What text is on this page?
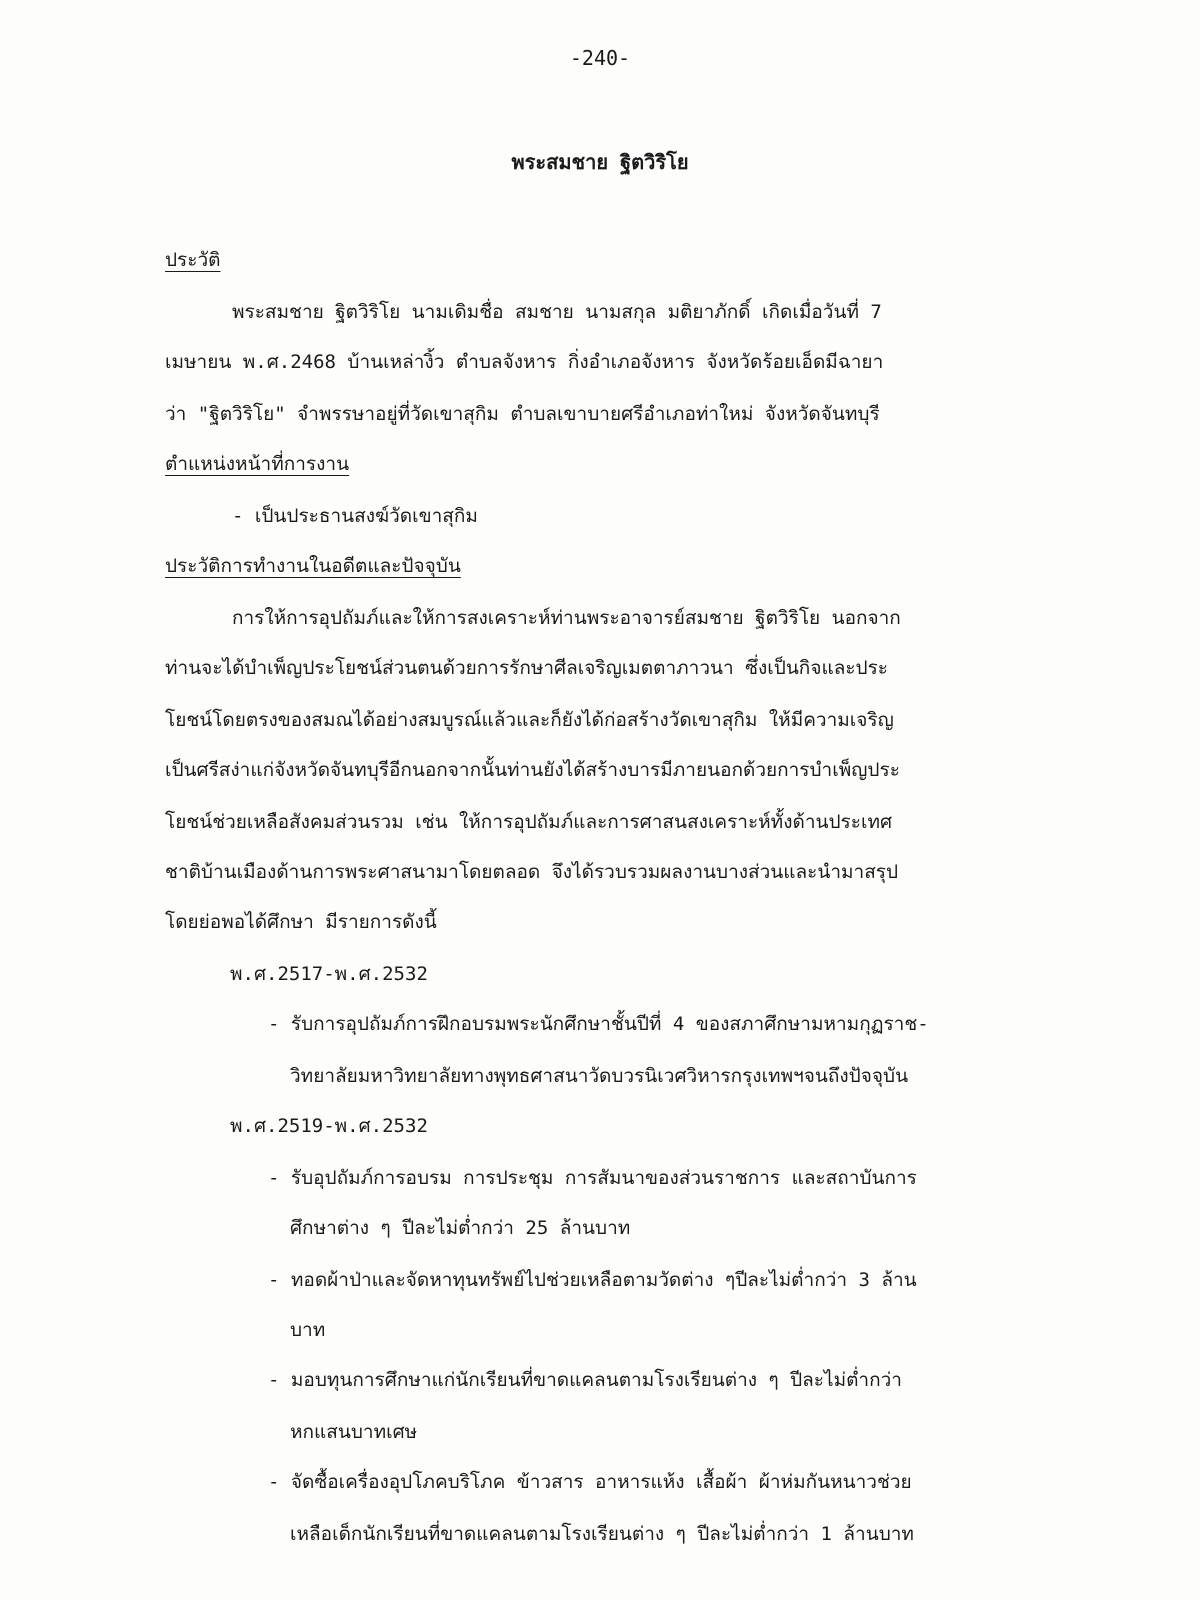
-240-
พระสมชาย ฐิตวิริโย
ประวัติ
พระสมชาย ฐิตวิริโย นามเดิมชื่อ สมชาย นามสกุล มติยาภักดิ์ เกิดเมื่อวันที่ 7
เมษายน พ.ศ.2468 บ้านเหล่างิ้ว ตำบลจังหาร กิ่งอำเภอจังหาร จังหวัดร้อยเอ็ดมีฉายา
ว่า "ฐิตวิริโย" จำพรรษาอยู่ที่วัดเขาสุกิม ตำบลเขาบายศรีอำเภอท่าใหม่ จังหวัดจันทบุรี
ตำแหน่งหน้าที่การงาน
- เป็นประธานสงฆ์วัดเขาสุกิม
ประวัติการทำงานในอดีตและปัจจุบัน
การให้การอุปถัมภ์และให้การสงเคราะห์ท่านพระอาจารย์สมชาย ฐิตวิริโย นอกจาก
ท่านจะได้บำเพ็ญประโยชน์ส่วนตนด้วยการรักษาศีลเจริญเมตตาภาวนา ซึ่งเป็นกิจและประ
โยชน์โดยตรงของสมณได้อย่างสมบูรณ์แล้วและก็ยังได้ก่อสร้างวัดเขาสุกิม ให้มีความเจริญ
เป็นศรีสง่าแก่จังหวัดจันทบุรีอีกนอกจากนั้นท่านยังได้สร้างบารมีภายนอกด้วยการบำเพ็ญประ
โยชน์ช่วยเหลือสังคมส่วนรวม เช่น ให้การอุปถัมภ์และการศาสนสงเคราะห์ทั้งด้านประเทศ
ชาติบ้านเมืองด้านการพระศาสนามาโดยตลอด จึงได้รวบรวมผลงานบางส่วนและนำมาสรุป
โดยย่อพอได้ศึกษา มีรายการดังนี้
พ.ศ.2517-พ.ศ.2532
- รับการอุปถัมภ์การฝึกอบรมพระนักศึกษาชั้นปีที่ 4 ของสภาศึกษามหามกุฏราช-
วิทยาลัยมหาวิทยาลัยทางพุทธศาสนาวัดบวรนิเวศวิหารกรุงเทพฯจนถึงปัจจุบัน
พ.ศ.2519-พ.ศ.2532
- รับอุปถัมภ์การอบรม การประชุม การสัมนาของส่วนราชการ และสถาบันการ
ศึกษาต่าง ๆ ปีละไม่ต่ำกว่า 25 ล้านบาท
- ทอดผ้าป่าและจัดหาทุนทรัพย์ไปช่วยเหลือตามวัดต่าง ๆปีละไม่ต่ำกว่า 3 ล้าน
บาท
- มอบทุนการศึกษาแก่นักเรียนที่ขาดแคลนตามโรงเรียนต่าง ๆ ปีละไม่ต่ำกว่า
หกแสนบาทเศษ
- จัดซื้อเครื่องอุปโภคบริโภค ข้าวสาร อาหารแห้ง เสื้อผ้า ผ้าห่มกันหนาวช่วย
เหลือเด็กนักเรียนที่ขาดแคลนตามโรงเรียนต่าง ๆ ปีละไม่ต่ำกว่า 1 ล้านบาท
